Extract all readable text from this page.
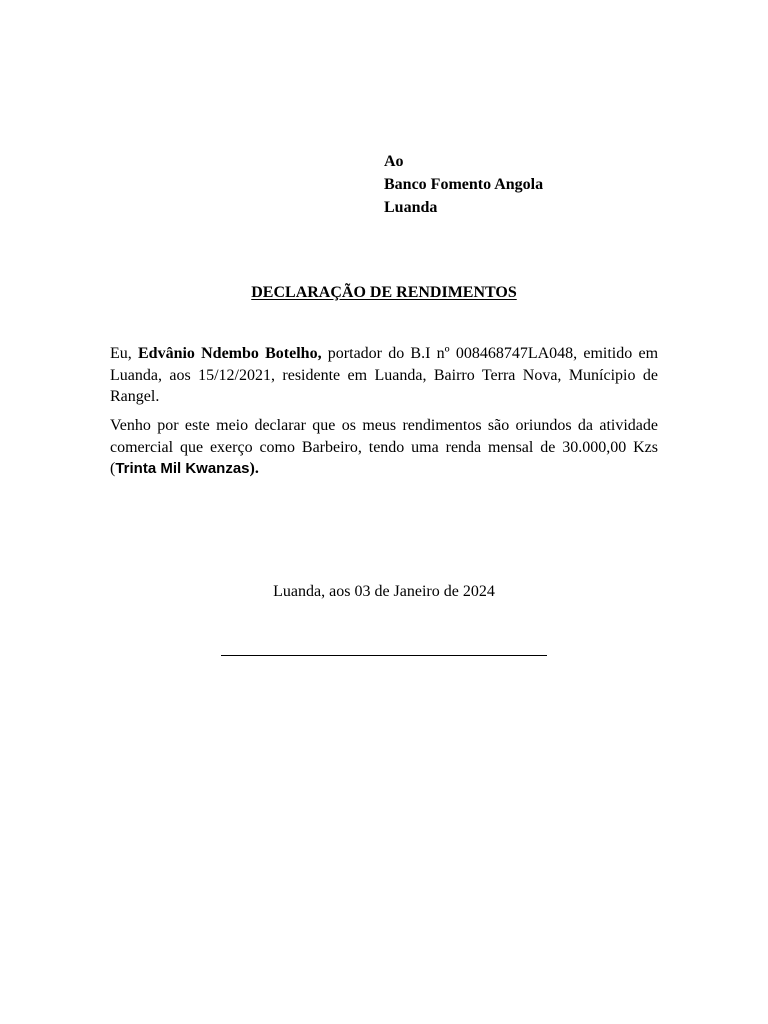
Ao
Banco Fomento Angola
Luanda
DECLARAÇÃO DE RENDIMENTOS

Eu, Edvânio Ndembo Botelho, portador do B.I nº 008468747LA048, emitido em Luanda, aos 15/12/2021, residente em Luanda, Bairro Terra Nova, Munícipio de Rangel.

Venho por este meio declarar que os meus rendimentos são oriundos da atividade comercial que exerço como Barbeiro, tendo uma renda mensal de 30.000,00 Kzs (Trinta Mil Kwanzas).

Luanda, aos 03 de Janeiro de 2024
